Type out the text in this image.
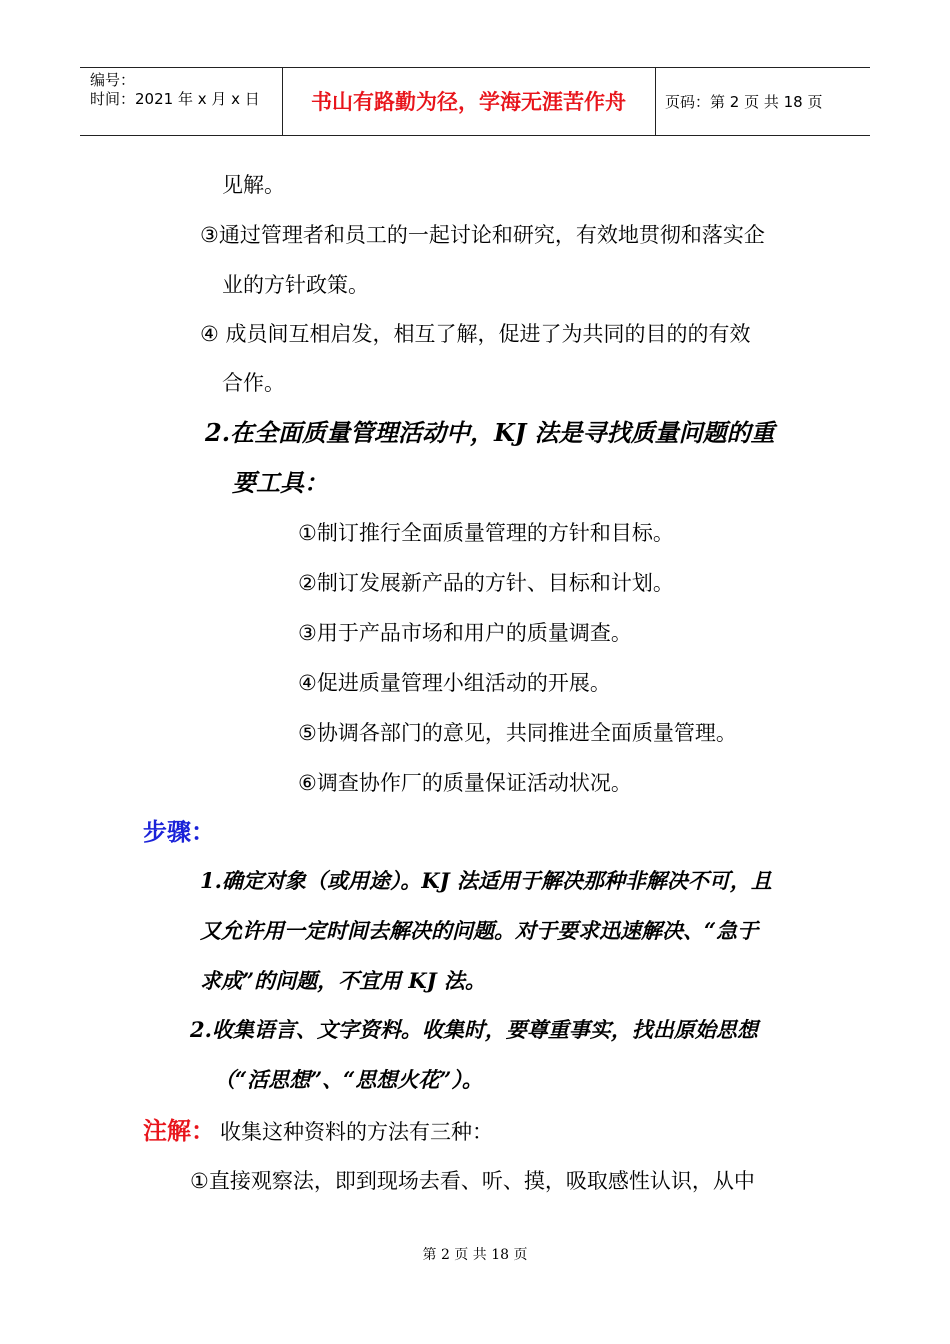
编号：
时间：2021 年 x 月 x 日	书山有路勤为径，学海无涯苦作舟	页码：第 2 页 共 18 页
见解。
③通过管理者和员工的一起讨论和研究，有效地贯彻和落实企
业的方针政策。
④ 成员间互相启发，相互了解，促进了为共同的目的的有效
合作。
2.在全面质量管理活动中，KJ 法是寻找质量问题的重
要工具：
①制订推行全面质量管理的方针和目标。
②制订发展新产品的方针、目标和计划。
③用于产品市场和用户的质量调查。
④促进质量管理小组活动的开展。
⑤协调各部门的意见，共同推进全面质量管理。
⑥调查协作厂的质量保证活动状况。
步骤：
1.确定对象（或用途）。KJ 法适用于解决那种非解决不可，且
又允许用一定时间去解决的问题。对于要求迅速解决、“急于
求成”的问题，不宜用 KJ 法。
2.收集语言、文字资料。收集时，要尊重事实，找出原始思想
（“活思想”、“思想火花”）。
注解： 收集这种资料的方法有三种：
①直接观察法，即到现场去看、听、摸，吸取感性认识，从中
第 2 页 共 18 页
